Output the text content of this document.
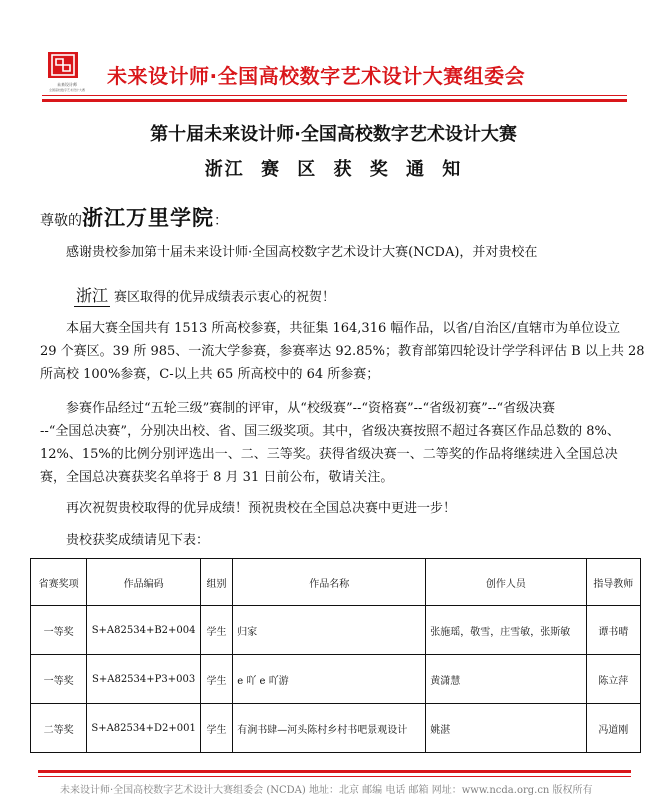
未来设计师
全国高校数字艺术设计大赛
未来设计师·全国高校数字艺术设计大赛组委会
第十届未来设计师·全国高校数字艺术设计大赛
浙江 赛 区 获 奖 通 知
尊敬的浙江万里学院：
感谢贵校参加第十届未来设计师·全国高校数字艺术设计大赛(NCDA)，并对贵校在
浙江 赛区取得的优异成绩表示衷心的祝贺！
本届大赛全国共有 1513 所高校参赛，共征集 164,316 幅作品，以省/自治区/直辖市为单位设立
29 个赛区。39 所 985、一流大学参赛，参赛率达 92.85%；教育部第四轮设计学学科评估 B 以上共 28
所高校 100%参赛，C-以上共 65 所高校中的 64 所参赛；
参赛作品经过“五轮三级”赛制的评审，从“校级赛”--“资格赛”--“省级初赛”--“省级决赛
--“全国总决赛”，分别决出校、省、国三级奖项。其中，省级决赛按照不超过各赛区作品总数的 8%、
12%、15%的比例分别评选出一、二、三等奖。获得省级决赛一、二等奖的作品将继续进入全国总决
赛，全国总决赛获奖名单将于 8 月 31 日前公布，敬请关注。
再次祝贺贵校取得的优异成绩！预祝贵校在全国总决赛中更进一步！
贵校获奖成绩请见下表：
省赛奖项	作品编码	组别	作品名称	创作人员	指导教师
一等奖	S+A82534+B2+004	学生	归家	张施瑶，敬雪，庄雪敏，张斯敏	谭书晴
一等奖	S+A82534+P3+003	学生	e 吖 e 吖游	黄潇慧	陈立萍
二等奖	S+A82534+D2+001	学生	有涧书肆—河头陈村乡村书吧景观设计	姚湛	冯道刚
未来设计师·全国高校数字艺术设计大赛组委会 (NCDA) 地址：北京 邮编 电话 邮箱 网址：www.ncda.org.cn 版权所有
